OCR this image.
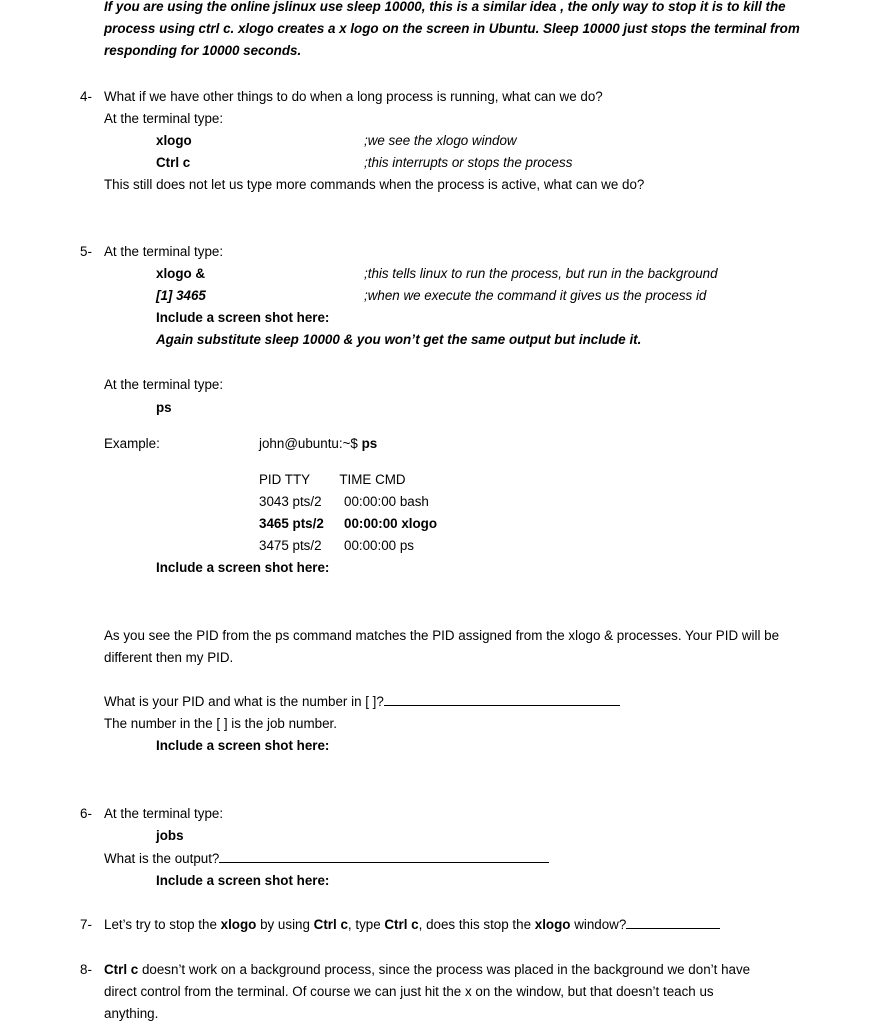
If you are using the online jslinux use sleep 10000, this is a similar idea , the only way to stop it is to kill the
process using ctrl c. xlogo creates a x logo on the screen in Ubuntu. Sleep 10000 just stops the terminal from
responding for 10000 seconds.
4- What if we have other things to do when a long process is running, what can we do?
At the terminal type:
xlogo	;we see the xlogo window
Ctrl c	;this interrupts or stops the process
This still does not let us type more commands when the process is active, what can we do?
5- At the terminal type:
xlogo &	;this tells linux to run the process, but run in the background
[1] 3465	;when we execute the command it gives us the process id
Include a screen shot here:
Again substitute sleep 10000 & you won’t get the same output but include it.
At the terminal type:
ps
Example:	john@ubuntu:~$ ps
PID TTY        TIME CMD
3043 pts/2 00:00:00 bash
3465 pts/2 00:00:00 xlogo
3475 pts/2 00:00:00 ps
Include a screen shot here:
As you see the PID from the ps command matches the PID assigned from the xlogo & processes. Your PID will be
different then my PID.
What is your PID and what is the number in [ ]?
The number in the [ ] is the job number.
Include a screen shot here:
6- At the terminal type:
jobs
What is the output?
Include a screen shot here:
7- Let’s try to stop the xlogo by using Ctrl c, type Ctrl c, does this stop the xlogo window?
8- Ctrl c doesn’t work on a background process, since the process was placed in the background we don’t have
direct control from the terminal. Of course we can just hit the x on the window, but that doesn’t teach us
anything.
